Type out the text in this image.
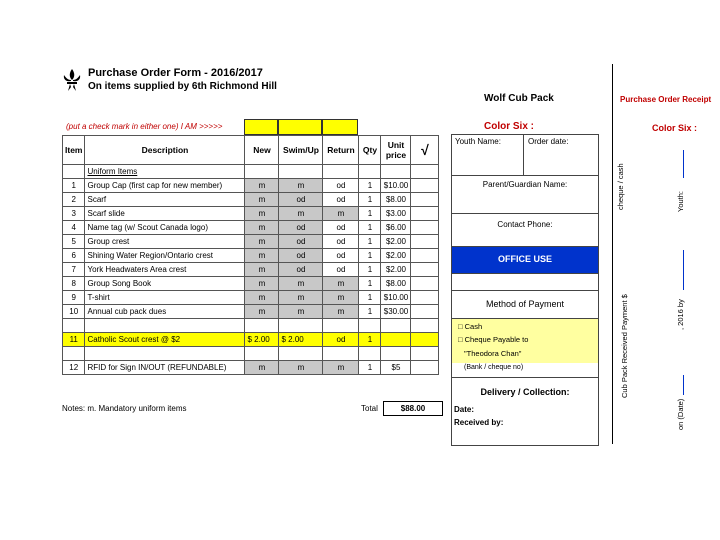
Purchase Order Form - 2016/2017
On items supplied by 6th Richmond Hill
Wolf Cub Pack
(put a check mark in either one) I AM >>>>>	Color Six :
Item	Description	New	Swim/Up	Return	Qty	Unit price	√
	Uniform Items						
1	Group Cap (first cap for new member)	m	m	od	1	$10.00	
2	Scarf	m	od	od	1	$8.00	
3	Scarf slide	m	m	m	1	$3.00	
4	Name tag (w/ Scout Canada logo)	m	od	od	1	$6.00	
5	Group crest	m	od	od	1	$2.00	
6	Shining Water Region/Ontario crest	m	od	od	1	$2.00	
7	York Headwaters Area crest	m	od	od	1	$2.00	
8	Group Song Book	m	m	m	1	$8.00	
9	T-shirt	m	m	m	1	$10.00	
10	Annual cub pack dues	m	m	m	1	$30.00	

11	Catholic Scout crest @ $2	$ 2.00	$ 2.00	od	1		

12	RFID for Sign IN/OUT (REFUNDABLE)	m	m	m	1	$5	
Notes: m. Mandatory uniform items	Total	$88.00
Youth Name:	Order date:
Parent/Guardian Name:
Contact Phone:
OFFICE USE
Method of Payment
□ Cash
□ Cheque Payable to
"Theodora Chan"
(Bank / cheque no)
Delivery / Collection:
Date:
Received by:
Purchase Order Receipt
Color Six :
cheque / cash	Youth:
Cub Pack Received Payment $	, 2016 by
on (Date)
